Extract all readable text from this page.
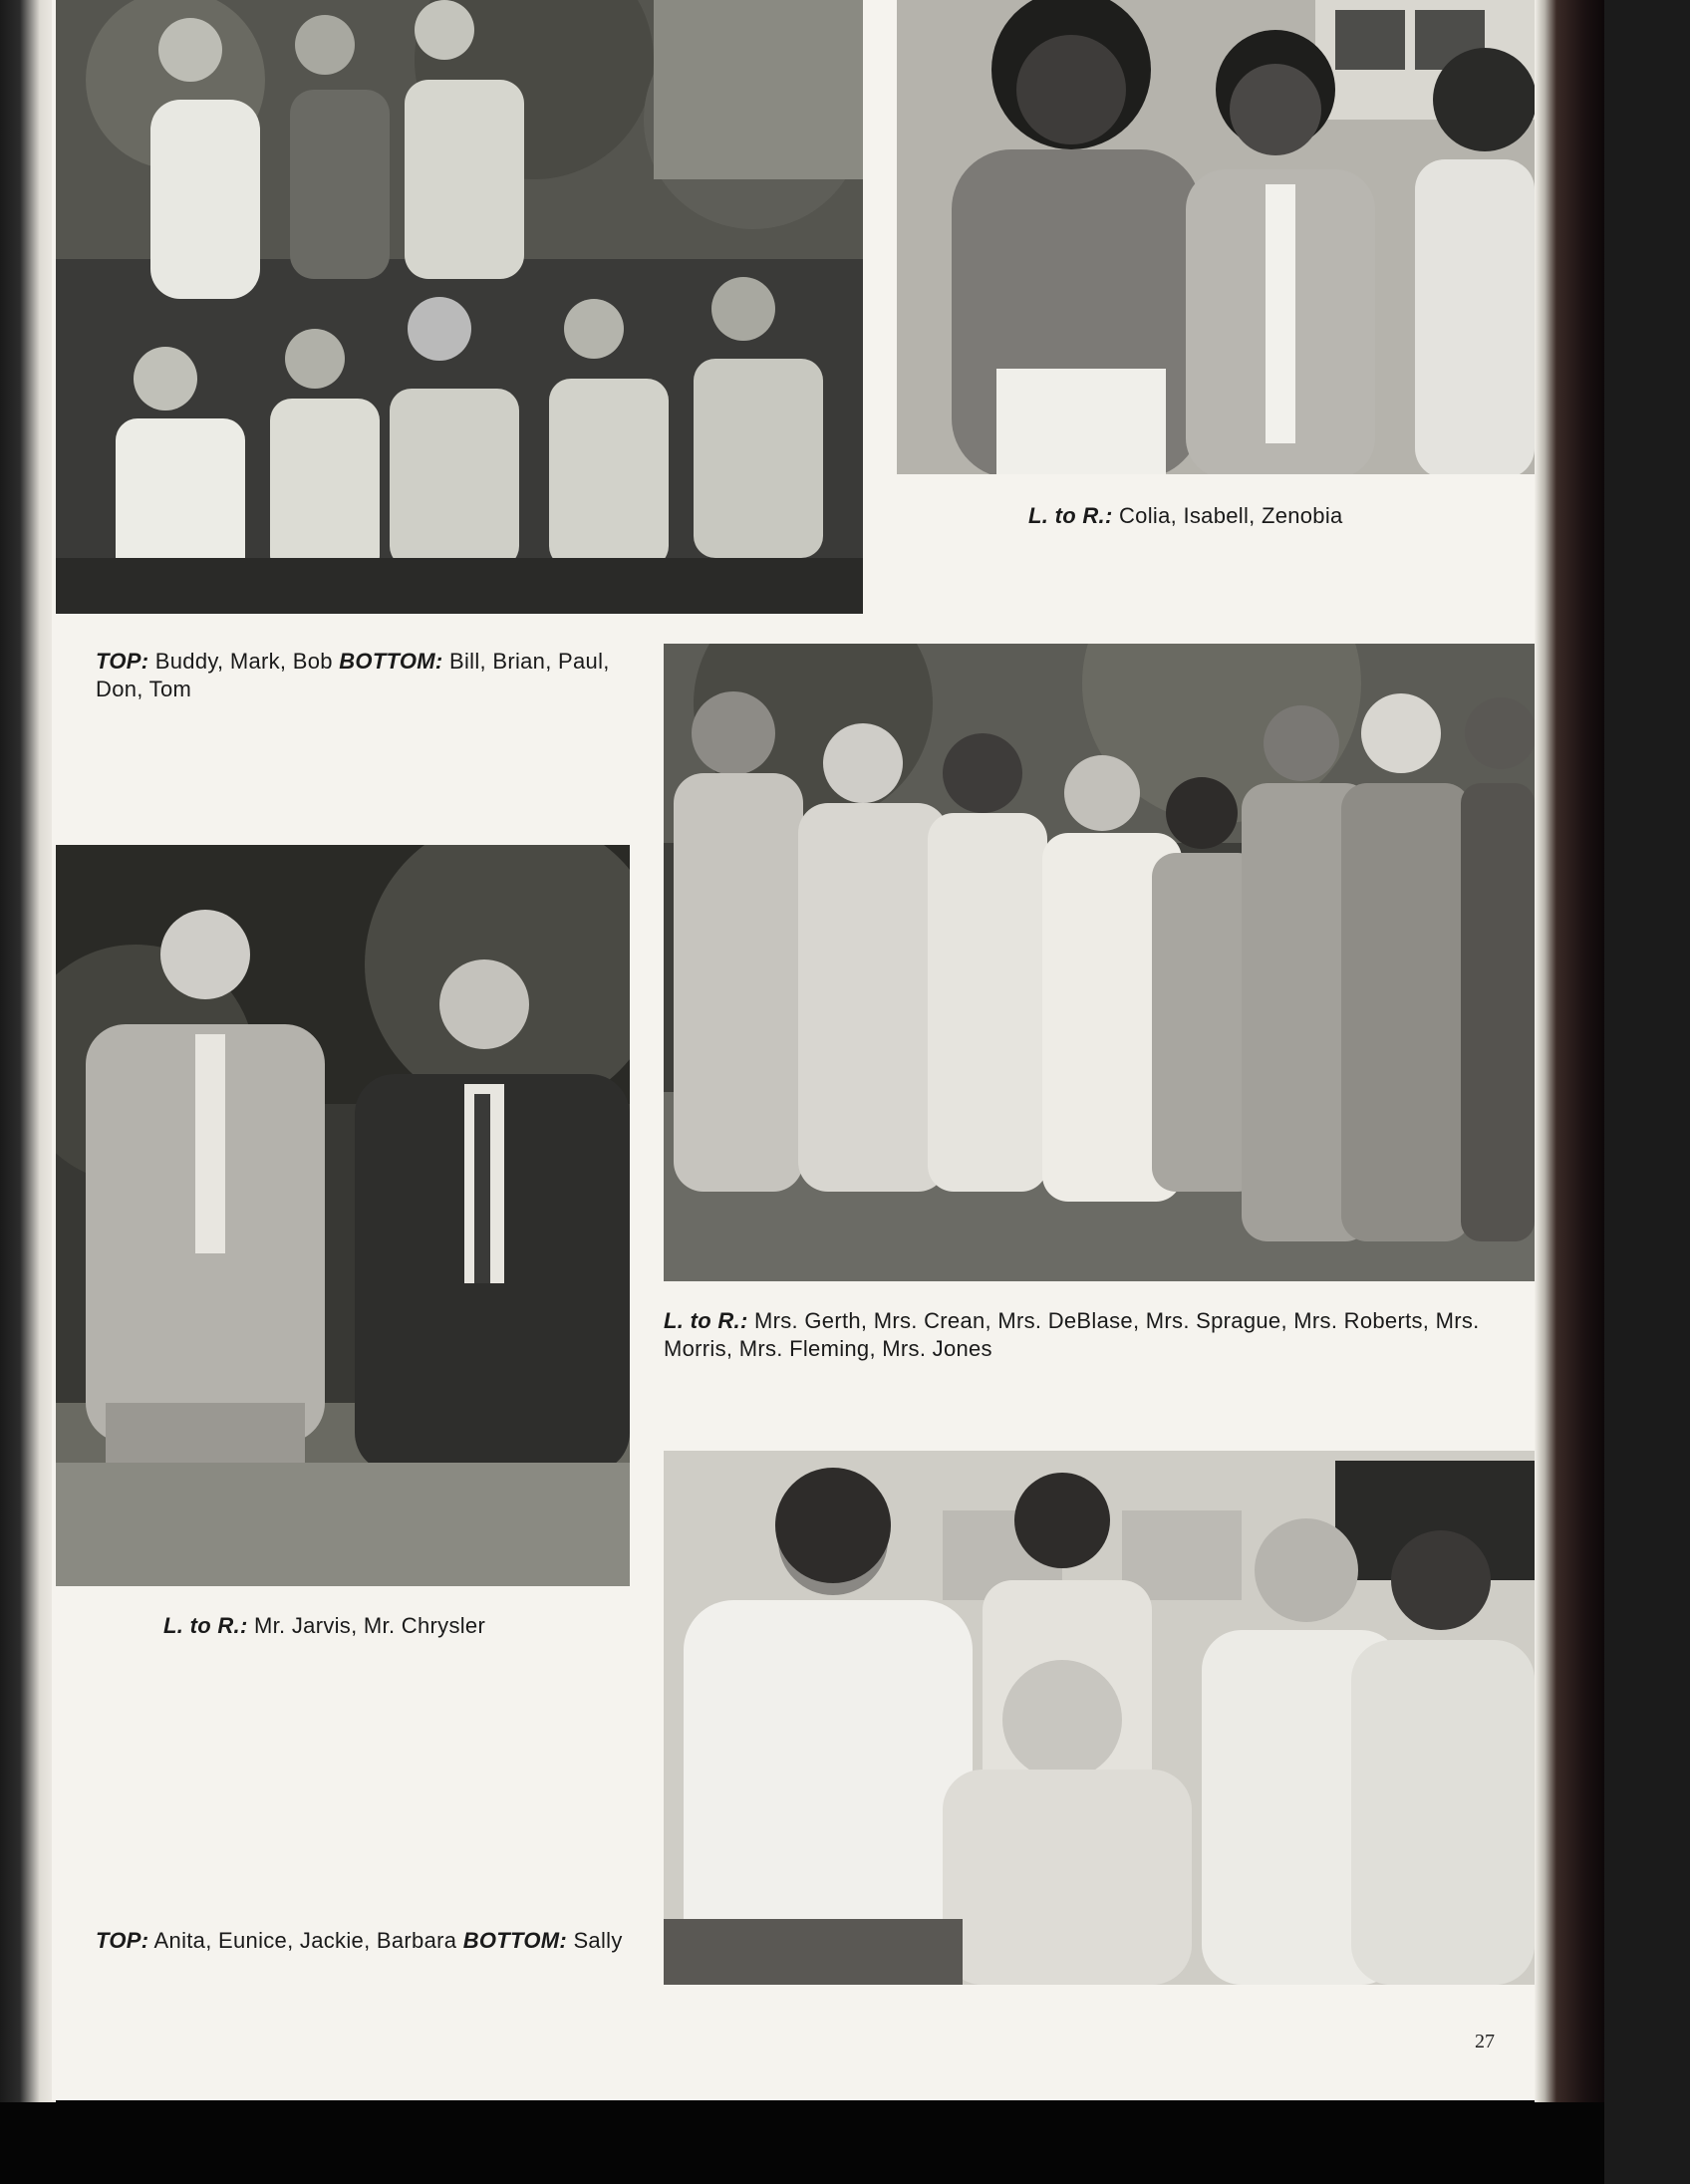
L. to R.: Colia, Isabell, Zenobia
TOP: Buddy, Mark, Bob BOTTOM: Bill, Brian, Paul, Don, Tom
L. to R.: Mrs. Gerth, Mrs. Crean, Mrs. DeBlase, Mrs. Sprague, Mrs. Roberts, Mrs. Morris, Mrs. Fleming, Mrs. Jones
L. to R.: Mr. Jarvis, Mr. Chrysler
TOP: Anita, Eunice, Jackie, Barbara BOTTOM: Sally
27
